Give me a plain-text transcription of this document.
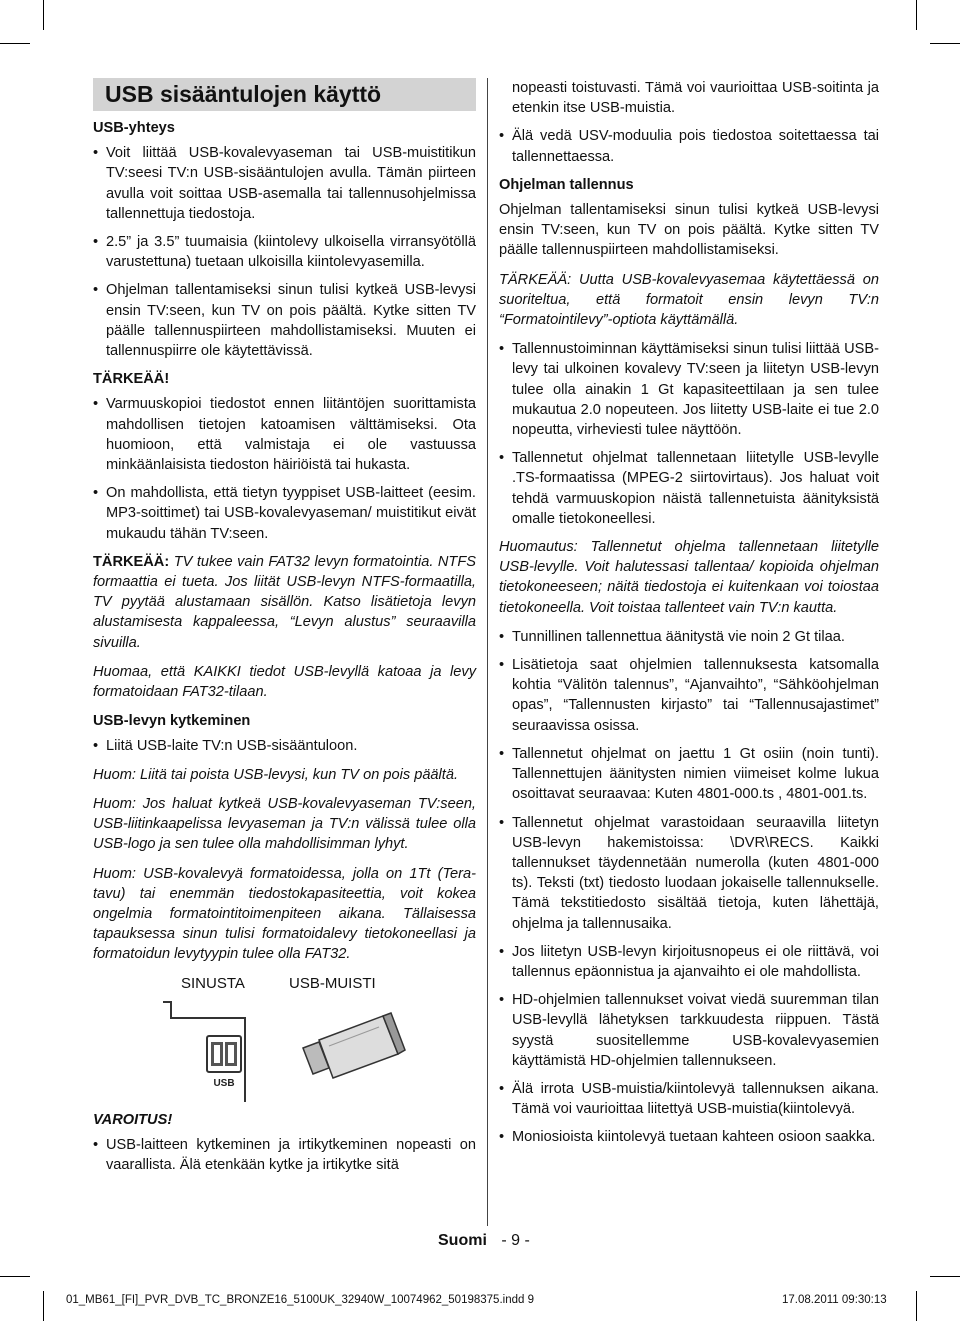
USB sisääntulojen käyttö

USB-yhteys

• Voit liittää USB-kovalevyaseman tai USB-muistitikun TV:seesi TV:n USB-sisääntulojen avulla. Tämän piirteen avulla voit soittaa USB-asemalla tai tallennusohjelmissa tallennettuja tiedostoja.
• 2.5” ja 3.5” tuumaisia (kiintolevy ulkoisella virransyötöllä varustettuna) tuetaan ulkoisilla kiintolevyasemilla.
• Ohjelman tallentamiseksi sinun tulisi kytkeä USB-levysi ensin TV:seen, kun TV on pois päältä. Kytke sitten TV päälle tallennuspiirteen mahdollistamiseksi. Muuten ei tallennuspiirre ole käytettävissä.

TÄRKEÄÄ!

• Varmuuskopioi tiedostot ennen liitäntöjen suorittamista mahdollisen tietojen katoamisen välttämiseksi. Ota huomioon, että valmistaja ei ole vastuussa minkäänlaisista tiedoston häiriöistä tai hukasta.
• On mahdollista, että tietyn tyyppiset USB-laitteet (eesim. MP3-soittimet) tai USB-kovalevyaseman/ muistitikut eivät mukaudu tähän TV:seen.

TÄRKEÄÄ: TV tukee vain FAT32 levyn formatointia. NTFS formaattia ei tueta. Jos liität USB-levyn NTFS-formaatilla, TV pyytää alustamaan sisällön. Katso lisätietoja levyn alustamisesta kappaleessa, “Levyn alustus” seuraavilla sivuilla.

Huomaa, että KAIKKI tiedot USB-levyllä katoaa ja levy formatoidaan FAT32-tilaan.

USB-levyn kytkeminen

• Liitä USB-laite TV:n USB-sisääntuloon.

Huom: Liitä tai poista USB-levysi, kun TV on pois päältä.

Huom: Jos haluat kytkeä USB-kovalevyaseman TV:seen, USB-liitinkaapelissa levyaseman ja TV:n välissä tulee olla USB-logo ja sen tulee olla mahdollisimman lyhyt.

Huom: USB-kovalevyä formatoidessa, jolla on 1Tt (Tera-tavu) tai enemmän tiedostokapasiteettia, voit kokea ongelmia formatointitoimenpiteen aikana. Tällaisessa tapauksessa sinun tulisi formatoidalevy tietokoneellasi ja formatoidun levytyypin tulee olla FAT32.

SINUSTA	USB-MUISTI
USB

VAROITUS!

• USB-laitteen kytkeminen ja irtikytkeminen nopeasti on vaarallista. Älä etenkään kytke ja irtikytke sitä

nopeasti toistuvasti. Tämä voi vaurioittaa USB-soitinta ja etenkin itse USB-muistia.

• Älä vedä USV-moduulia pois tiedostoa soitettaessa tai tallennettaessa.

Ohjelman tallennus

Ohjelman tallentamiseksi sinun tulisi kytkeä USB-levysi ensin TV:seen, kun TV on pois päältä. Kytke sitten TV päälle tallennuspiirteen mahdollistamiseksi.

TÄRKEÄÄ: Uutta USB-kovalevyasemaa käytettäessä on suoriteltua, että formatoit ensin levyn TV:n “Formatointilevy”-optiota käyttämällä.

• Tallennustoiminnan käyttämiseksi sinun tulisi liittää USB-levy tai ulkoinen kovalevy TV:seen ja liitetyn USB-levyn tulee olla ainakin 1 Gt kapasiteettilaan ja sen tulee mukautua 2.0 nopeuteen. Jos liitetty USB-laite ei tue 2.0 nopeutta, virheviesti tulee näyttöön.
• Tallennetut ohjelmat tallennetaan liitetylle USB-levylle .TS-formaatissa (MPEG-2 siirtovirtaus). Jos haluat voit tehdä varmuuskopion näistä tallennetuista äänityksistä omalle tietokoneellesi.

Huomautus: Tallennetut ohjelma tallennetaan liitetylle USB-levylle. Voit halutessasi tallentaa/ kopioida ohjelman tietokoneeseen; näitä tiedostoja ei kuitenkaan voi toiostaa tietokoneella. Voit toistaa tallenteet vain TV:n kautta.

• Tunnillinen tallennettua äänitystä vie noin 2 Gt tilaa.
• Lisätietoja saat ohjelmien tallennuksesta katsomalla kohtia “Välitön talennus”, “Ajanvaihto”, “Sähköohjelman opas”, “Tallennusten kirjasto” tai “Tallennusajastimet” seuraavissa osissa.
• Tallennetut ohjelmat on jaettu 1 Gt osiin (noin tunti). Tallennettujen äänitysten nimien viimeiset kolme lukua osoittavat seuraavaa: Kuten 4801-000.ts , 4801-001.ts.
• Tallennetut ohjelmat varastoidaan seuraavilla liitetyn USB-levyn hakemistoissa: \DVR\RECS. Kaikki tallennukset täydennetään numerolla (kuten 4801-000 ts). Teksti (txt) tiedosto luodaan jokaiselle tallennukselle. Tämä tekstitiedosto sisältää tietoja, kuten lähettäjä, ohjelma ja tallennusaika.
• Jos liitetyn USB-levyn kirjoitusnopeus ei ole riittävä, voi tallennus epäonnistua ja ajanvaihto ei ole mahdollista.
• HD-ohjelmien tallennukset voivat viedä suuremman tilan USB-levyllä lähetyksen tarkkuudesta riippuen. Tästä syystä suositellemme USB-kovalevyasemien käyttämistä HD-ohjelmien tallennukseen.
• Älä irrota USB-muistia/kiintolevyä tallennuksen aikana. Tämä voi vaurioittaa liitettyä USB-muistia(kiintolevyä.
• Moniosioista kiintolevyä tuetaan kahteen osioon saakka.
Suomi - 9 -
01_MB61_[FI]_PVR_DVB_TC_BRONZE16_5100UK_32940W_10074962_50198375.indd 9	17.08.2011 09:30:13
